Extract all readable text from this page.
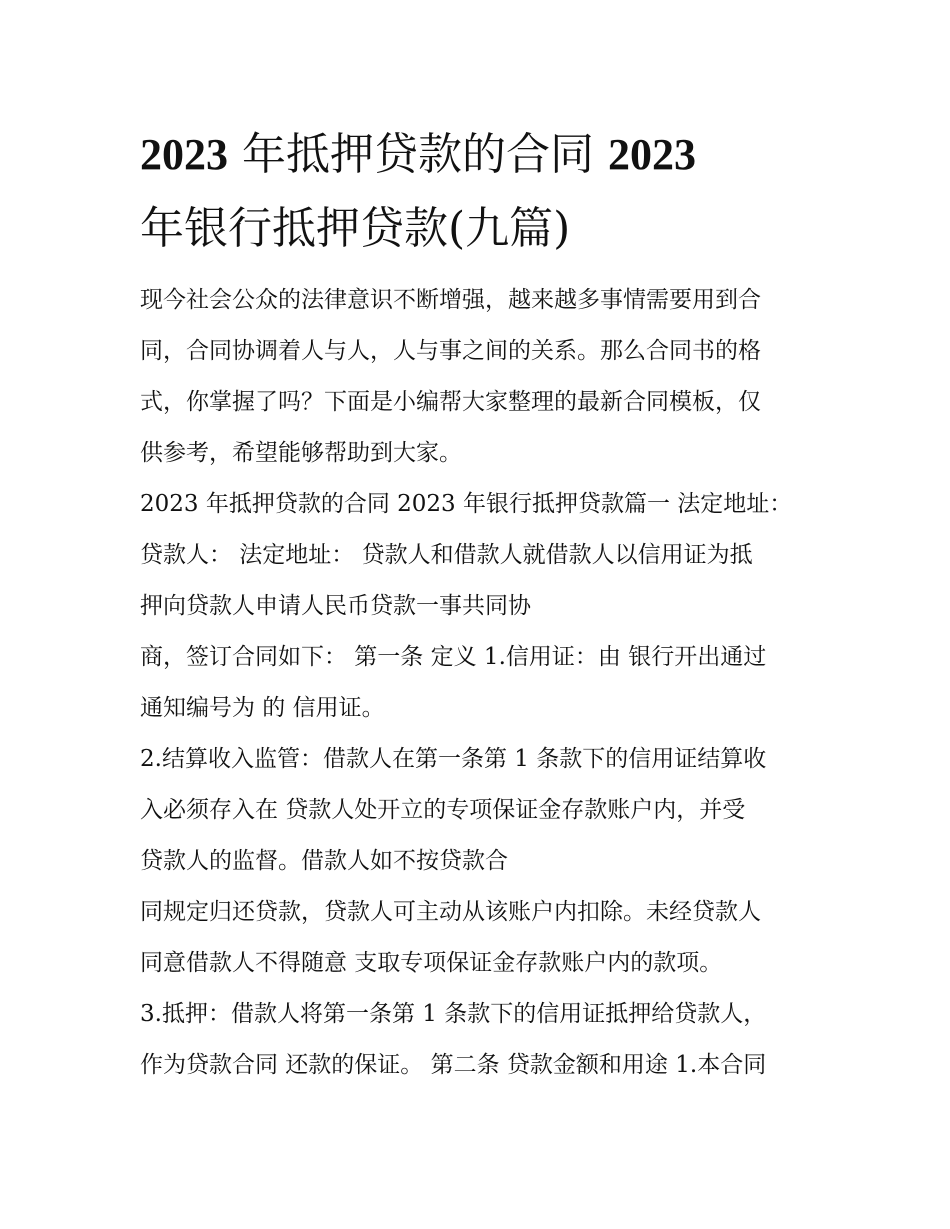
2023 年抵押贷款的合同 2023
年银行抵押贷款(九篇)
现今社会公众的法律意识不断增强，越来越多事情需要用到合
同，合同协调着人与人，人与事之间的关系。那么合同书的格
式，你掌握了吗？下面是小编帮大家整理的最新合同模板，仅
供参考，希望能够帮助到大家。
2023 年抵押贷款的合同 2023 年银行抵押贷款篇一 法定地址：
贷款人： 法定地址： 贷款人和借款人就借款人以信用证为抵
押向贷款人申请人民币贷款一事共同协
商，签订合同如下： 第一条 定义 1.信用证：由 银行开出通过
通知编号为 的 信用证。
2.结算收入监管：借款人在第一条第 1 条款下的信用证结算收
入必须存入在 贷款人处开立的专项保证金存款账户内，并受
贷款人的监督。借款人如不按贷款合
同规定归还贷款，贷款人可主动从该账户内扣除。未经贷款人
同意借款人不得随意 支取专项保证金存款账户内的款项。
3.抵押：借款人将第一条第 1 条款下的信用证抵押给贷款人，
作为贷款合同 还款的保证。 第二条 贷款金额和用途 1.本合同
